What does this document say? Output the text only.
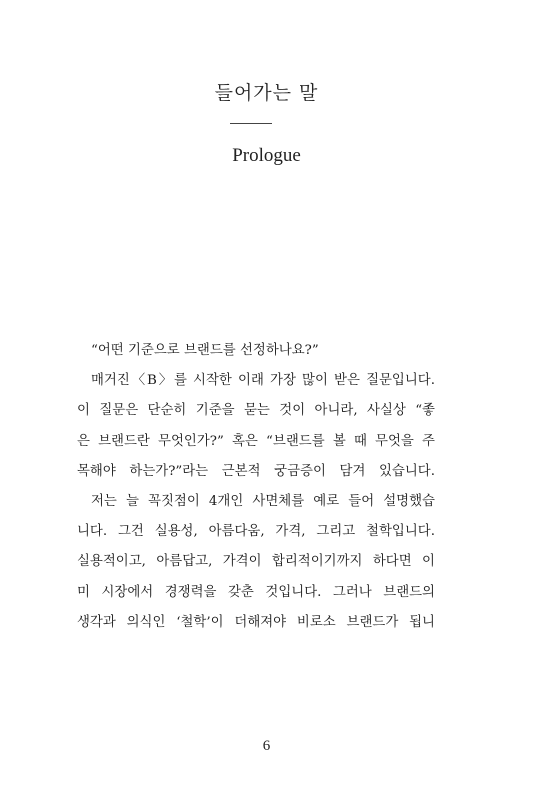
들어가는 말
Prologue
“어떤 기준으로 브랜드를 선정하나요?”
매거진〈B〉를 시작한 이래 가장 많이 받은 질문입니다.
이 질문은 단순히 기준을 묻는 것이 아니라, 사실상 “좋
은 브랜드란 무엇인가?” 혹은 “브랜드를 볼 때 무엇을 주
목해야 하는가?”라는 근본적 궁금증이 담겨 있습니다.
저는 늘 꼭짓점이 4개인 사면체를 예로 들어 설명했습
니다. 그건 실용성, 아름다움, 가격, 그리고 철학입니다.
실용적이고, 아름답고, 가격이 합리적이기까지 하다면 이
미 시장에서 경쟁력을 갖춘 것입니다. 그러나 브랜드의
생각과 의식인 ‘철학’이 더해져야 비로소 브랜드가 됩니
6
